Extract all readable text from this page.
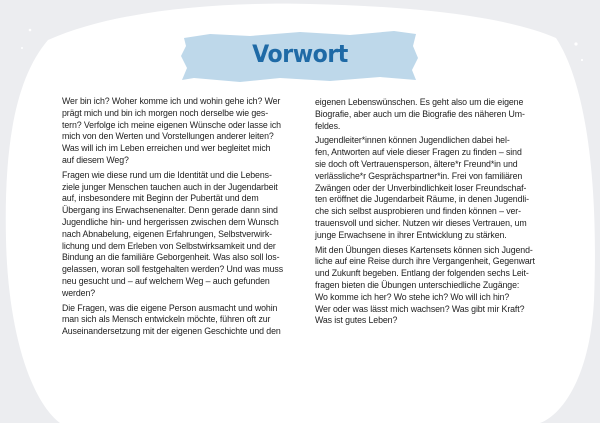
Vorwort

Wer bin ich? Woher komme ich und wohin gehe ich? Wer
prägt mich und bin ich morgen noch derselbe wie ges-
tern? Verfolge ich meine eigenen Wünsche oder lasse ich
mich von den Werten und Vorstellungen anderer leiten?
Was will ich im Leben erreichen und wer begleitet mich
auf diesem Weg?

Fragen wie diese rund um die Identität und die Lebens-
ziele junger Menschen tauchen auch in der Jugendarbeit
auf, insbesondere mit Beginn der Pubertät und dem
Übergang ins Erwachsenenalter. Denn gerade dann sind
Jugendliche hin- und hergerissen zwischen dem Wunsch
nach Abnabelung, eigenen Erfahrungen, Selbstverwirk-
lichung und dem Erleben von Selbstwirksamkeit und der
Bindung an die familiäre Geborgenheit. Was also soll los-
gelassen, woran soll festgehalten werden? Und was muss
neu gesucht und – auf welchem Weg – auch gefunden
werden?

Die Fragen, was die eigene Person ausmacht und wohin
man sich als Mensch entwickeln möchte, führen oft zur
Auseinandersetzung mit der eigenen Geschichte und den

eigenen Lebenswünschen. Es geht also um die eigene
Biografie, aber auch um die Biografie des näheren Um-
feldes.

Jugendleiter*innen können Jugendlichen dabei hel-
fen, Antworten auf viele dieser Fragen zu finden – sind
sie doch oft Vertrauensperson, ältere*r Freund*in und
verlässliche*r Gesprächspartner*in. Frei von familiären
Zwängen oder der Unverbindlichkeit loser Freundschaf-
ten eröffnet die Jugendarbeit Räume, in denen Jugendli-
che sich selbst ausprobieren und finden können – ver-
trauensvoll und sicher. Nutzen wir dieses Vertrauen, um
junge Erwachsene in ihrer Entwicklung zu stärken.

Mit den Übungen dieses Kartensets können sich Jugend-
liche auf eine Reise durch ihre Vergangenheit, Gegenwart
und Zukunft begeben. Entlang der folgenden sechs Leit-
fragen bieten die Übungen unterschiedliche Zugänge:
Wo komme ich her? Wo stehe ich? Wo will ich hin?
Wer oder was lässt mich wachsen? Was gibt mir Kraft?
Was ist gutes Leben?
